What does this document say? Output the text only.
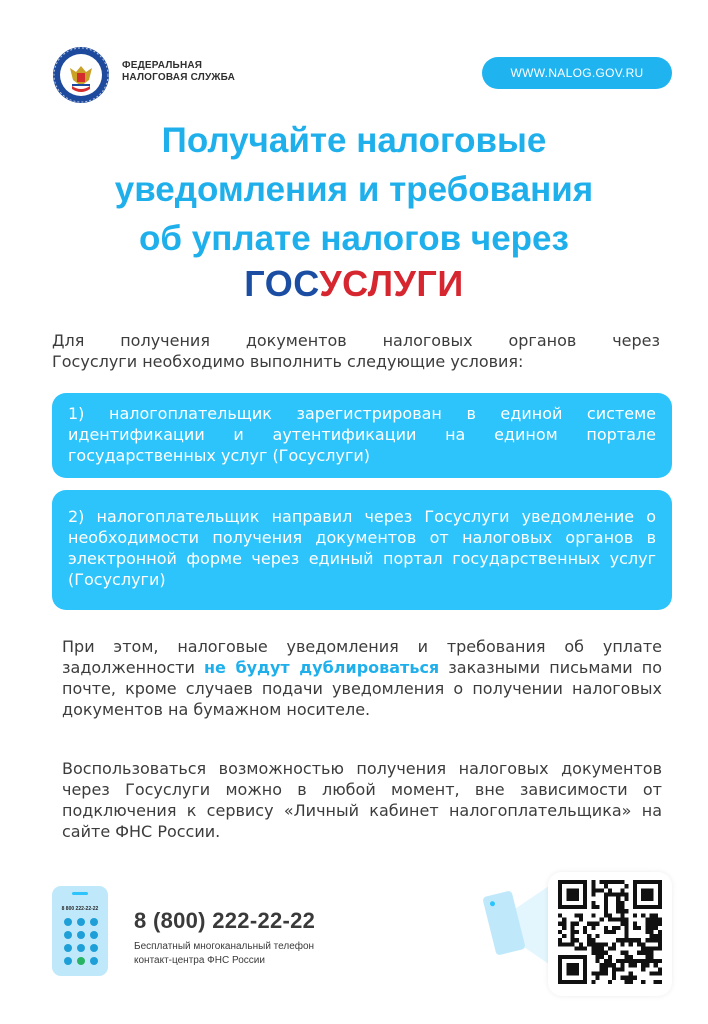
ФЕДЕРАЛЬНАЯ
НАЛОГОВАЯ СЛУЖБА	WWW.NALOG.GOV.RU
Получайте налоговые
уведомления и требования
об уплате налогов через
ГОСУСЛУГИ
Для получения документов налоговых органов через
Госуслуги необходимо выполнить следующие условия:

1) налогоплательщик зарегистрирован в единой системе идентификации и аутентификации на едином портале государственных услуг (Госуслуги)

2) налогоплательщик направил через Госуслуги уведомление о необходимости получения документов от налоговых органов в электронной форме через единый портал государственных услуг (Госуслуги)

При этом, налоговые уведомления и требования об уплате задолженности не будут дублироваться заказными письмами по почте, кроме случаев подачи уведомления о получении налоговых документов на бумажном носителе.
Воспользоваться возможностью получения налоговых документов через Госуслуги можно в любой момент, вне зависимости от подключения к сервису «Личный кабинет налогоплательщика» на сайте ФНС России.
8 800 222-22-22	8 (800) 222-22-22
Бесплатный многоканальный телефон
контакт-центра ФНС России
